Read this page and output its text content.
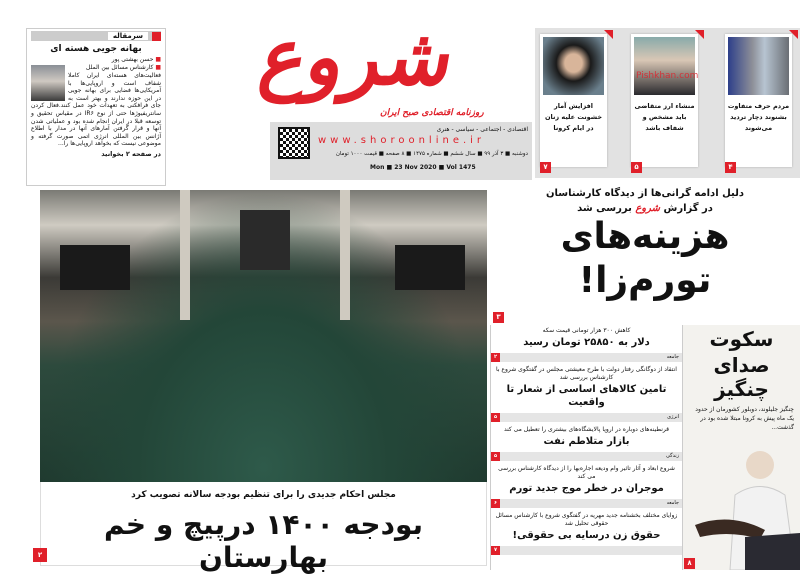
سرمقاله
بهانه جویی هسته ای
■ حسن بهشتی پور
■ کارشناس مسائل بین الملل

فعالیت‌های هسته‌ای ایران کاملا شفاف است و اروپایی‌ها با آمریکایی‌ها فضایی برای بهانه جویی در این حوزه ندارند و بهتر است به جای فرافکنی به تعهدات خود عمل کنند.فعال کردن سانتریفیوژها حتی از نوع IR۶ در مقیاس تحقیق و توسعه قبلا در ایران انجام شده بود و عملیاتی شدن آنها و قرار گرفتن آمارهای آنها در مدار با اطلاع آژانس بین المللی انرژی اتمی صورت گرفته و موضوعی نیست که بخواهد اروپایی‌ها را...

در صفحه ۲ بخوانید
شروع
روزنامه اقتصادی صبح ایران
اقتصادی - اجتماعی - سیاسی - هنری
www.shoroonline.ir
دوشنبه ■ ۳ آذر ۹۹ ■ سال ششم ■ شماره ۱۴۷۵ ■ ۸ صفحه ■ قیمت ۱۰۰۰ تومان
Mon ■ 23 Nov 2020 ■ Vol 1475
مردم حرف متفاوت بشنوند دچار تردید می‌شوند
۴
Pishkhan.com
منشاء ارز متقاضی باید مشخص و شفاف باشد
۵
افزایش آمار خشونت علیه زنان در ایام کرونا
۷
مجلس احکام جدیدی را برای تنظیم بودجه سالانه تصویب کرد
بودجه ۱۴۰۰ درپیچ و خم بهارستان
۲
دلیل ادامه گرانی‌ها از دیدگاه کارشناسان
در گزارش شروع بررسی شد
هزینه‌های
تورم‌زا!
۳
کاهش ۳۰۰ هزار تومانی قیمت سکه
دلار به ۲۵۸۵۰ تومان رسید
جامعه
۲
انتقاد از دوگانگی رفتار دولت با طرح معیشتی مجلس در گفتگوی شروع با کارشناس بررسی شد
تامین کالاهای اساسی از شعار تا واقعیت
انرژی
۵
قرنطینه‌های دوباره در اروپا پالایشگاه‌های بیشتری را تعطیل می کند
بازار متلاطم نفت
زندگی
۵
شروع ابعاد و آثار تاثیر وام ودیعه اجاره‌بها را از دیدگاه کارشناس بررسی می کند
موجران در خطر موج جدید تورم
جامعه
۶
زوایای مختلف بخشنامه جدید مهریه در گفتگوی شروع با کارشناس مسائل حقوقی تحلیل شد
حقوق زن درسایه بی حقوقی!
۷
سکوت
صدای چنگیز

چنگیز جلیلوند، دوبلور کشورمان از حدود یک ماه پیش به کرونا مبتلا شده بود در گذشت...

۸
